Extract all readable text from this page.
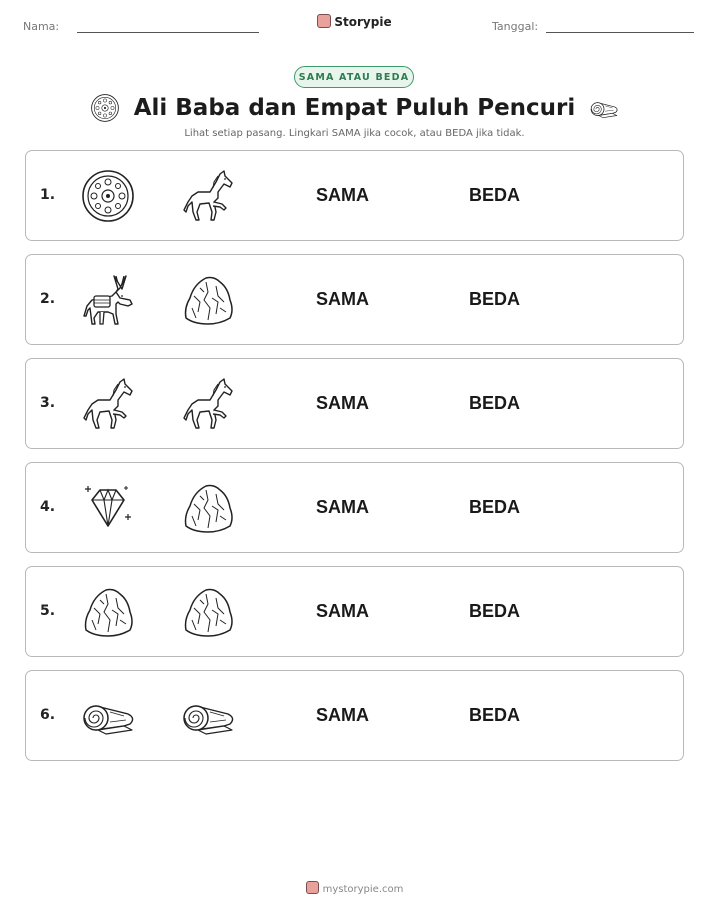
Nama:	Storypie	Tanggal:
SAMA ATAU BEDA
Ali Baba dan Empat Puluh Pencuri
Lihat setiap pasang. Lingkari SAMA jika cocok, atau BEDA jika tidak.
1.	SAMA	BEDA
2.	SAMA	BEDA
3.	SAMA	BEDA
4.	SAMA	BEDA
5.	SAMA	BEDA
6.	SAMA	BEDA
mystorypie.com
